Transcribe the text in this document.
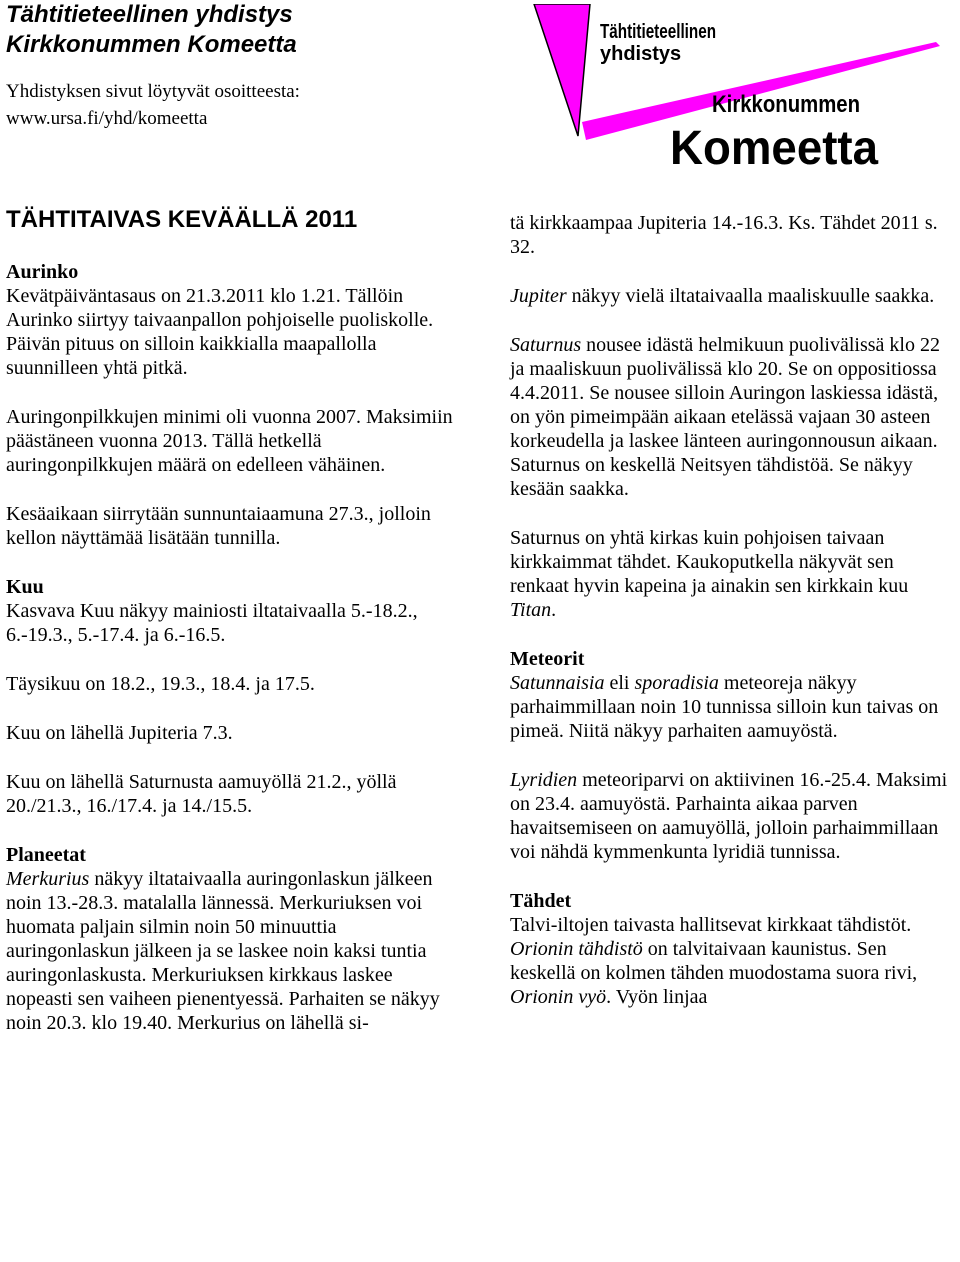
Tähtitieteellinen yhdistys
Kirkkonummen Komeetta
Yhdistyksen sivut löytyvät osoitteesta:
www.ursa.fi/yhd/komeetta
Tähtitieteellinen
yhdistys
Kirkkonummen
Komeetta
TÄHTITAIVAS KEVÄÄLLÄ 2011
Aurinko

Kevätpäiväntasaus on 21.3.2011 klo 1.21. Tällöin Aurinko siirtyy taivaanpallon pohjoiselle puoliskolle. Päivän pituus on silloin kaikkialla maapallolla suunnilleen yhtä pitkä.

Auringonpilkkujen minimi oli vuonna 2007. Maksimiin päästäneen vuonna 2013. Tällä hetkellä auringonpilkkujen määrä on edelleen vähäinen.

Kesäaikaan siirrytään sunnuntaiaamuna 27.3., jolloin kellon näyttämää lisätään tunnilla.

Kuu

Kasvava Kuu näkyy mainiosti iltataivaalla 5.-18.2., 6.-19.3., 5.-17.4. ja 6.-16.5.

Täysikuu on 18.2., 19.3., 18.4. ja 17.5.

Kuu on lähellä Jupiteria 7.3.

Kuu on lähellä Saturnusta aamuyöllä 21.2., yöllä 20./21.3., 16./17.4. ja 14./15.5.

Planeetat

Merkurius näkyy iltataivaalla auringonlaskun jälkeen noin 13.-28.3. matalalla lännessä. Merkuriuksen voi huomata paljain silmin noin 50 minuuttia auringonlaskun jälkeen ja se laskee noin kaksi tuntia auringonlaskusta. Merkuriuksen kirkkaus laskee nopeasti sen vaiheen pienentyessä. Parhaiten se näkyy noin 20.3. klo 19.40. Merkurius on lähellä si-

tä kirkkaampaa Jupiteria 14.-16.3. Ks. Tähdet 2011 s. 32.

Jupiter näkyy vielä iltataivaalla maaliskuulle saakka.

Saturnus nousee idästä helmikuun puolivälissä klo 22 ja maaliskuun puolivälissä klo 20. Se on oppositiossa 4.4.2011. Se nousee silloin Auringon laskiessa idästä, on yön pimeimpään aikaan etelässä vajaan 30 asteen korkeudella ja laskee länteen auringonnousun aikaan. Saturnus on keskellä Neitsyen tähdistöä. Se näkyy kesään saakka.

Saturnus on yhtä kirkas kuin pohjoisen taivaan kirkkaimmat tähdet. Kaukoputkella näkyvät sen renkaat hyvin kapeina ja ainakin sen kirkkain kuu Titan.

Meteorit

Satunnaisia eli sporadisia meteoreja näkyy parhaimmillaan noin 10 tunnissa silloin kun taivas on pimeä. Niitä näkyy parhaiten aamuyöstä.

Lyridien meteoriparvi on aktiivinen 16.-25.4. Maksimi on 23.4. aamuyöstä. Parhainta aikaa parven havaitsemiseen on aamuyöllä, jolloin parhaimmillaan voi nähdä kymmenkunta lyridiä tunnissa.

Tähdet

Talvi-iltojen taivasta hallitsevat kirkkaat tähdistöt. Orionin tähdistö on talvitaivaan kaunistus. Sen keskellä on kolmen tähden muodostama suora rivi, Orionin vyö. Vyön linjaa
